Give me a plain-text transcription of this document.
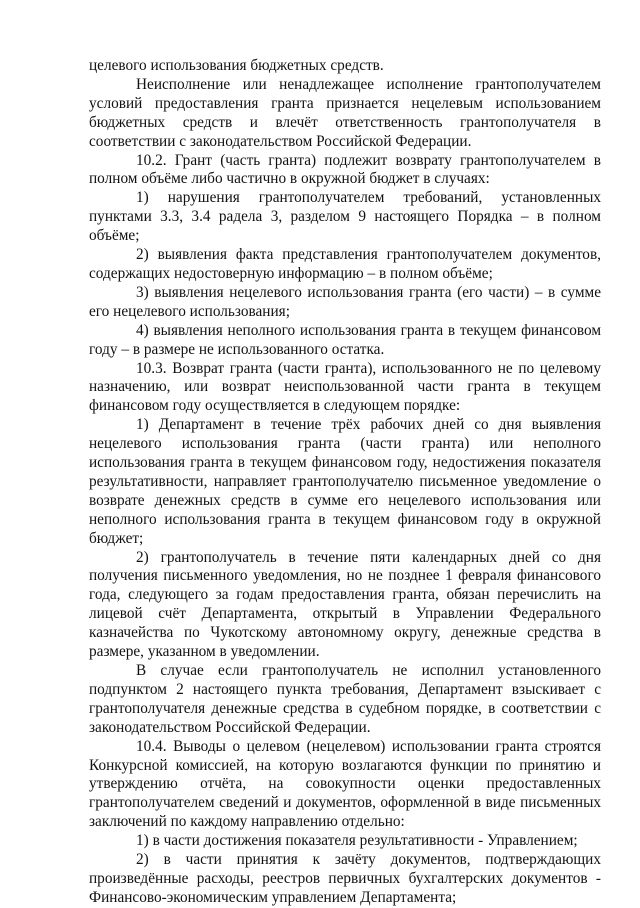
целевого использования бюджетных средств.

Неисполнение или ненадлежащее исполнение грантополучателем условий предоставления гранта признается нецелевым использованием бюджетных средств и влечёт ответственность грантополучателя в соответствии с законодательством Российской Федерации.

10.2. Грант (часть гранта) подлежит возврату грантополучателем в полном объёме либо частично в окружной бюджет в случаях:

1) нарушения грантополучателем требований, установленных пунктами 3.3, 3.4 радела 3, разделом 9 настоящего Порядка – в полном объёме;

2) выявления факта представления грантополучателем документов, содержащих недостоверную информацию – в полном объёме;

3) выявления нецелевого использования гранта (его части) – в сумме его нецелевого использования;

4) выявления неполного использования гранта в текущем финансовом году – в размере не использованного остатка.

10.3. Возврат гранта (части гранта), использованного не по целевому назначению, или возврат неиспользованной части гранта в текущем финансовом году осуществляется в следующем порядке:

1) Департамент в течение трёх рабочих дней со дня выявления нецелевого использования гранта (части гранта) или неполного использования гранта в текущем финансовом году, недостижения показателя результативности, направляет грантополучателю письменное уведомление о возврате денежных средств в сумме его нецелевого использования или неполного использования гранта в текущем финансовом году в окружной бюджет;

2) грантополучатель в течение пяти календарных дней со дня получения письменного уведомления, но не позднее 1 февраля финансового года, следующего за годам предоставления гранта, обязан перечислить на лицевой счёт Департамента, открытый в Управлении Федерального казначейства по Чукотскому автономному округу, денежные средства в размере, указанном в уведомлении.

В случае если грантополучатель не исполнил установленного подпунктом 2 настоящего пункта требования, Департамент взыскивает с грантополучателя денежные средства в судебном порядке, в соответствии с законодательством Российской Федерации.

10.4. Выводы о целевом (нецелевом) использовании гранта строятся Конкурсной комиссией, на которую возлагаются функции по принятию и утверждению отчёта, на совокупности оценки предоставленных грантополучателем сведений и документов, оформленной в виде письменных заключений по каждому направлению отдельно:

1) в части достижения показателя результативности - Управлением;

2) в части принятия к зачёту документов, подтверждающих произведённые расходы, реестров первичных бухгалтерских документов - Финансово-экономическим управлением Департамента;
